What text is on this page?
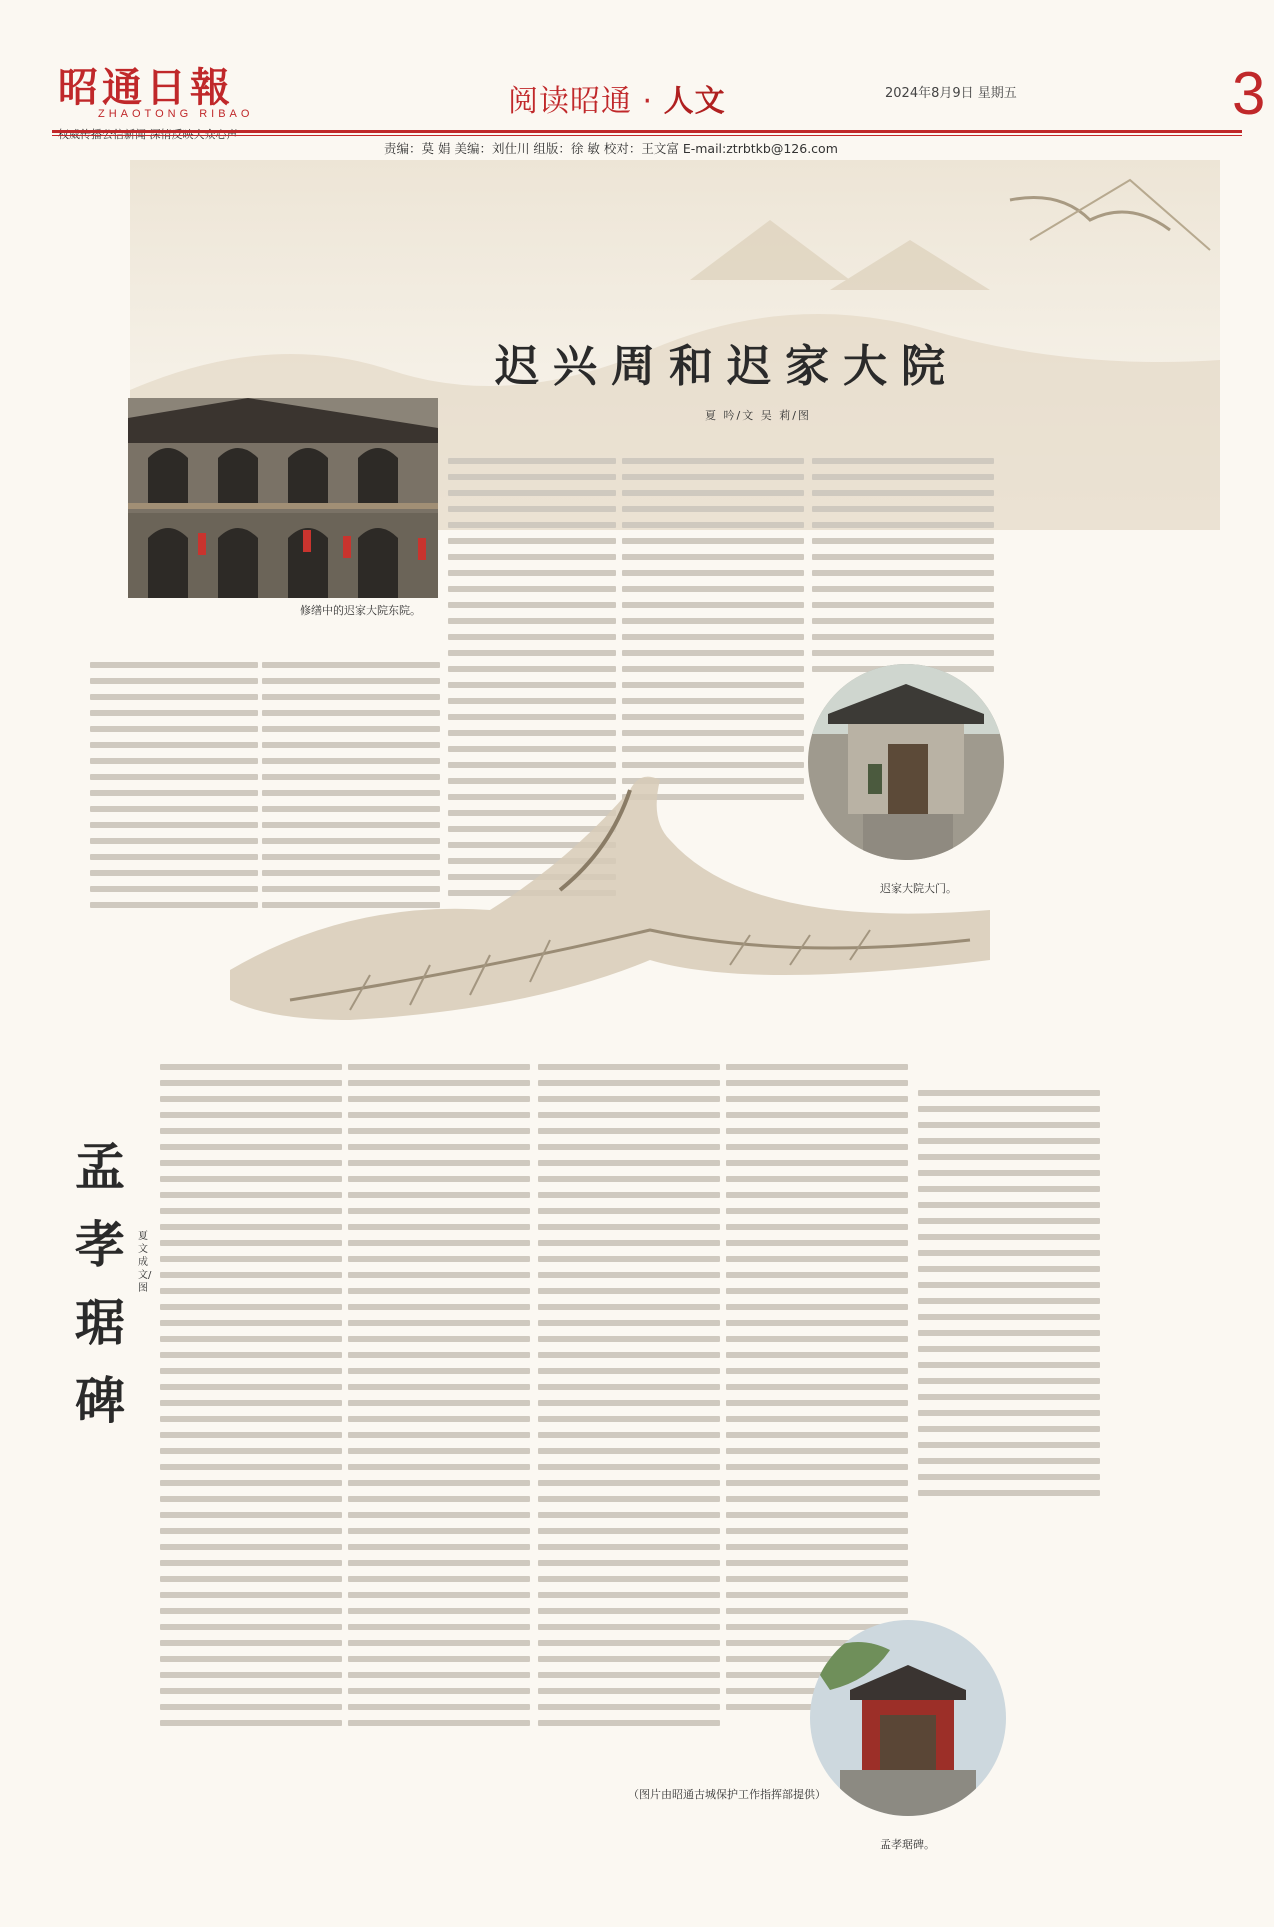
昭通日報
ZHAOTONG RIBAO	阅读昭通 · 人文	2024年8月9日 星期五	3
责编：莫 娟 美编：刘仕川 组版：徐 敏 校对：王文富 E-mail:ztrbtkb@126.com
修缮中的迟家大院东院。
迟兴周和迟家大院
夏 吟/文 吴 莉/图
迟家大院大门。
孟孝琚碑
夏文成 文/图
（图片由昭通古城保护工作指挥部提供）
孟孝琚碑。
